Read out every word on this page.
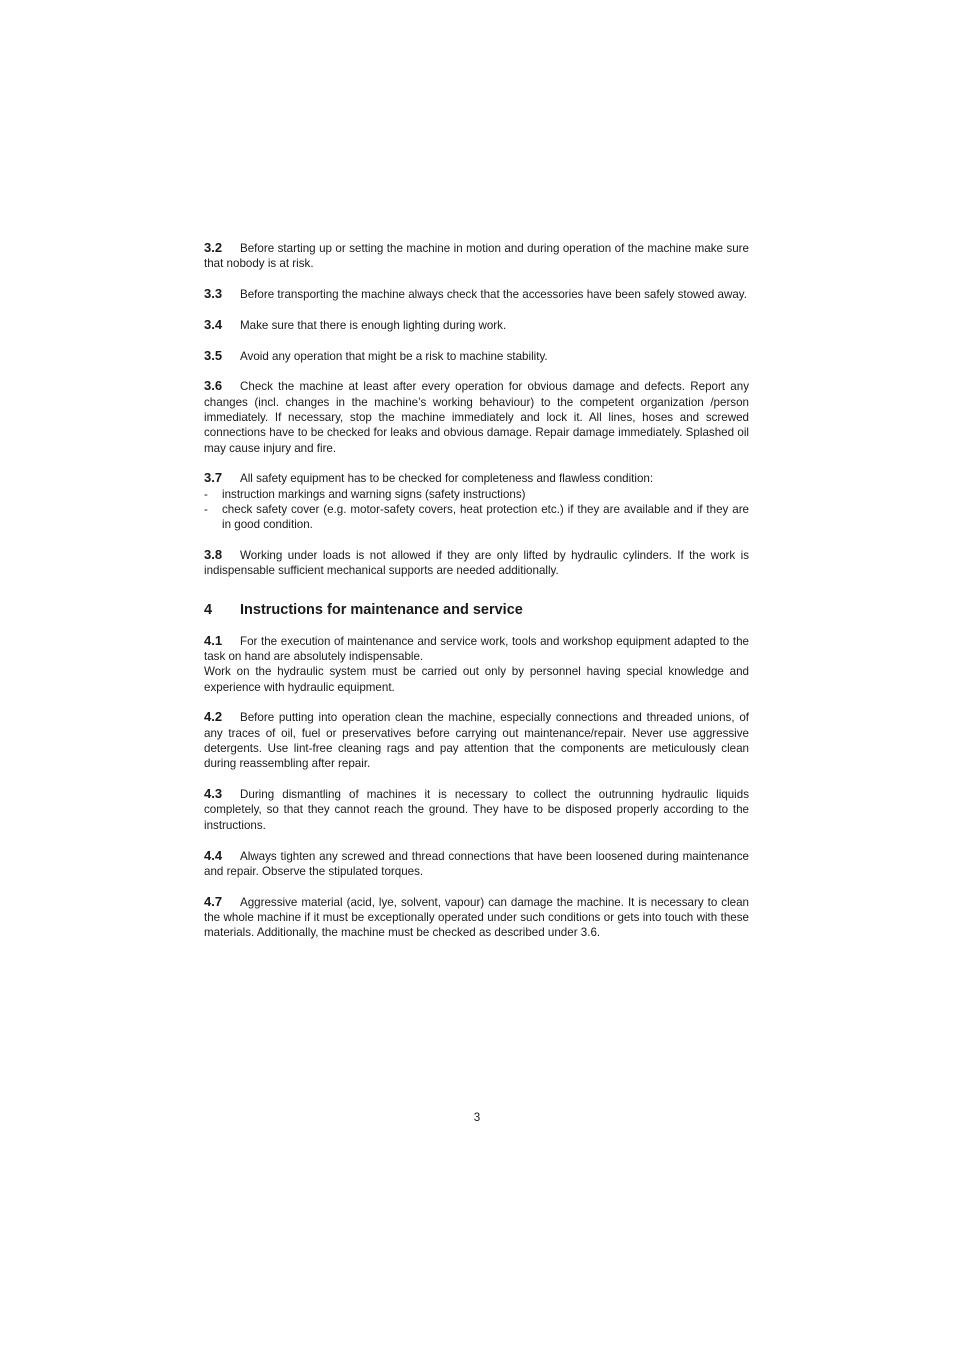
3.2 Before starting up or setting the machine in motion and during operation of the machine make sure that nobody is at risk.

3.3 Before transporting the machine always check that the accessories have been safely stowed away.

3.4 Make sure that there is enough lighting during work.

3.5 Avoid any operation that might be a risk to machine stability.

3.6 Check the machine at least after every operation for obvious damage and defects. Report any changes (incl. changes in the machine’s working behaviour) to the competent organization /person immediately. If necessary, stop the machine immediately and lock it. All lines, hoses and screwed connections have to be checked for leaks and obvious damage. Repair damage immediately. Splashed oil may cause injury and fire.

3.7 All safety equipment has to be checked for completeness and flawless condition:
- instruction markings and warning signs (safety instructions)
- check safety cover (e.g. motor-safety covers, heat protection etc.) if they are available and if they are in good condition.

3.8 Working under loads is not allowed if they are only lifted by hydraulic cylinders. If the work is indispensable sufficient mechanical supports are needed additionally.

4 Instructions for maintenance and service
4.1 For the execution of maintenance and service work, tools and workshop equipment adapted to the task on hand are absolutely indispensable.
Work on the hydraulic system must be carried out only by personnel having special knowledge and experience with hydraulic equipment.

4.2 Before putting into operation clean the machine, especially connections and threaded unions, of any traces of oil, fuel or preservatives before carrying out maintenance/repair. Never use aggressive detergents. Use lint-free cleaning rags and pay attention that the components are meticulously clean during reassembling after repair.

4.3 During dismantling of machines it is necessary to collect the outrunning hydraulic liquids completely, so that they cannot reach the ground. They have to be disposed properly according to the instructions.

4.4 Always tighten any screwed and thread connections that have been loosened during maintenance and repair. Observe the stipulated torques.

4.7 Aggressive material (acid, lye, solvent, vapour) can damage the machine. It is necessary to clean the whole machine if it must be exceptionally operated under such conditions or gets into touch with these materials. Additionally, the machine must be checked as described under 3.6.

3
